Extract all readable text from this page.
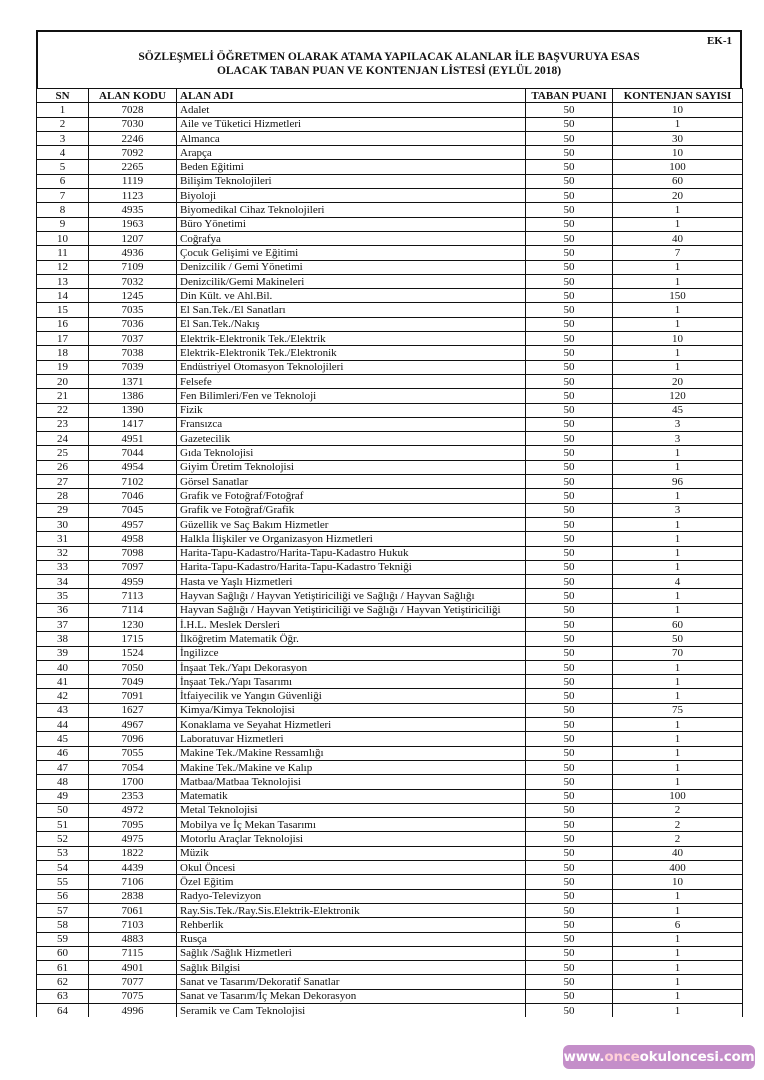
EK-1
SÖZLEŞMELİ ÖĞRETMEN OLARAK ATAMA YAPILACAK ALANLAR İLE BAŞVURUYA ESAS
OLACAK TABAN PUAN VE KONTENJAN LİSTESİ (EYLÜL 2018)
SN	ALAN KODU	ALAN ADI	TABAN PUANI	KONTENJAN SAYISI
1	7028	Adalet	50	10
2	7030	Aile ve Tüketici Hizmetleri	50	1
3	2246	Almanca	50	30
4	7092	Arapça	50	10
5	2265	Beden Eğitimi	50	100
6	1119	Bilişim Teknolojileri	50	60
7	1123	Biyoloji	50	20
8	4935	Biyomedikal Cihaz Teknolojileri	50	1
9	1963	Büro Yönetimi	50	1
10	1207	Coğrafya	50	40
11	4936	Çocuk Gelişimi ve Eğitimi	50	7
12	7109	Denizcilik / Gemi Yönetimi	50	1
13	7032	Denizcilik/Gemi Makineleri	50	1
14	1245	Din Kült. ve Ahl.Bil.	50	150
15	7035	El San.Tek./El Sanatları	50	1
16	7036	El San.Tek./Nakış	50	1
17	7037	Elektrik-Elektronik Tek./Elektrik	50	10
18	7038	Elektrik-Elektronik Tek./Elektronik	50	1
19	7039	Endüstriyel Otomasyon Teknolojileri	50	1
20	1371	Felsefe	50	20
21	1386	Fen Bilimleri/Fen ve Teknoloji	50	120
22	1390	Fizik	50	45
23	1417	Fransızca	50	3
24	4951	Gazetecilik	50	3
25	7044	Gıda Teknolojisi	50	1
26	4954	Giyim Üretim Teknolojisi	50	1
27	7102	Görsel Sanatlar	50	96
28	7046	Grafik ve Fotoğraf/Fotoğraf	50	1
29	7045	Grafik ve Fotoğraf/Grafik	50	3
30	4957	Güzellik ve Saç Bakım Hizmetler	50	1
31	4958	Halkla İlişkiler ve Organizasyon Hizmetleri	50	1
32	7098	Harita-Tapu-Kadastro/Harita-Tapu-Kadastro Hukuk	50	1
33	7097	Harita-Tapu-Kadastro/Harita-Tapu-Kadastro Tekniği	50	1
34	4959	Hasta ve Yaşlı Hizmetleri	50	4
35	7113	Hayvan Sağlığı / Hayvan Yetiştiriciliği ve Sağlığı / Hayvan Sağlığı	50	1
36	7114	Hayvan Sağlığı / Hayvan Yetiştiriciliği ve Sağlığı / Hayvan Yetiştiriciliği	50	1
37	1230	İ.H.L. Meslek Dersleri	50	60
38	1715	İlköğretim Matematik Öğr.	50	50
39	1524	İngilizce	50	70
40	7050	İnşaat Tek./Yapı Dekorasyon	50	1
41	7049	İnşaat Tek./Yapı Tasarımı	50	1
42	7091	İtfaiyecilik ve Yangın Güvenliği	50	1
43	1627	Kimya/Kimya Teknolojisi	50	75
44	4967	Konaklama ve Seyahat Hizmetleri	50	1
45	7096	Laboratuvar Hizmetleri	50	1
46	7055	Makine Tek./Makine Ressamlığı	50	1
47	7054	Makine Tek./Makine ve Kalıp	50	1
48	1700	Matbaa/Matbaa Teknolojisi	50	1
49	2353	Matematik	50	100
50	4972	Metal Teknolojisi	50	2
51	7095	Mobilya ve İç Mekan Tasarımı	50	2
52	4975	Motorlu Araçlar Teknolojisi	50	2
53	1822	Müzik	50	40
54	4439	Okul Öncesi	50	400
55	7106	Özel Eğitim	50	10
56	2838	Radyo-Televizyon	50	1
57	7061	Ray.Sis.Tek./Ray.Sis.Elektrik-Elektronik	50	1
58	7103	Rehberlik	50	6
59	4883	Rusça	50	1
60	7115	Sağlık /Sağlık Hizmetleri	50	1
61	4901	Sağlık Bilgisi	50	1
62	7077	Sanat ve Tasarım/Dekoratif Sanatlar	50	1
63	7075	Sanat ve Tasarım/İç Mekan Dekorasyon	50	1
64	4996	Seramik ve Cam Teknolojisi	50	1
www.onceokuloncesi.com
